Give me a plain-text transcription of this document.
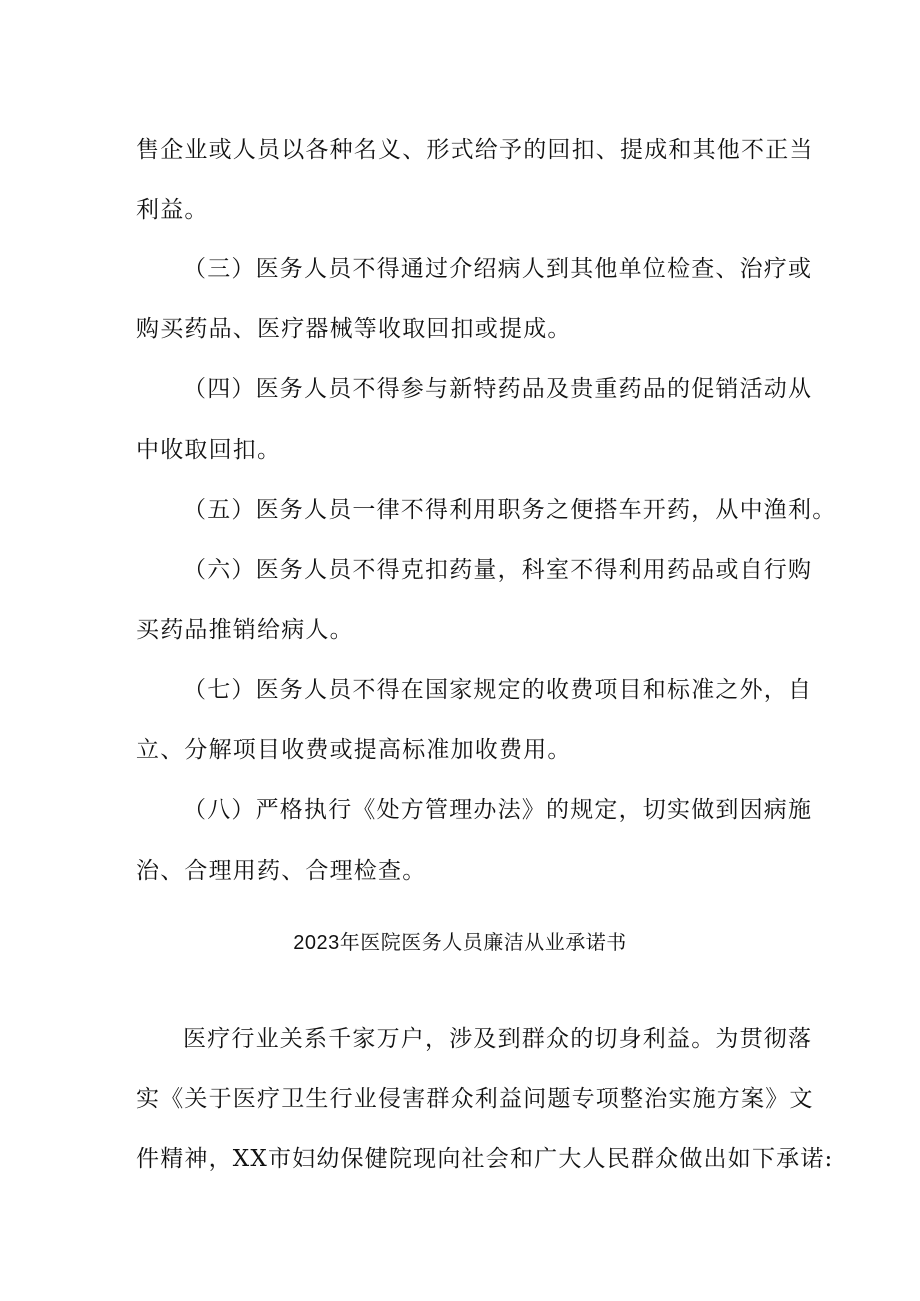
售企业或人员以各种名义、形式给予的回扣、提成和其他不正当
利益。
（三）医务人员不得通过介绍病人到其他单位检查、治疗或
购买药品、医疗器械等收取回扣或提成。
（四）医务人员不得参与新特药品及贵重药品的促销活动从
中收取回扣。
（五）医务人员一律不得利用职务之便搭车开药，从中渔利。
（六）医务人员不得克扣药量，科室不得利用药品或自行购
买药品推销给病人。
（七）医务人员不得在国家规定的收费项目和标准之外，自
立、分解项目收费或提高标准加收费用。
（八）严格执行《处方管理办法》的规定，切实做到因病施
治、合理用药、合理检查。
2023年医院医务人员廉洁从业承诺书
医疗行业关系千家万户，涉及到群众的切身利益。为贯彻落
实《关于医疗卫生行业侵害群众利益问题专项整治实施方案》文
件精神，XX市妇幼保健院现向社会和广大人民群众做出如下承诺:
